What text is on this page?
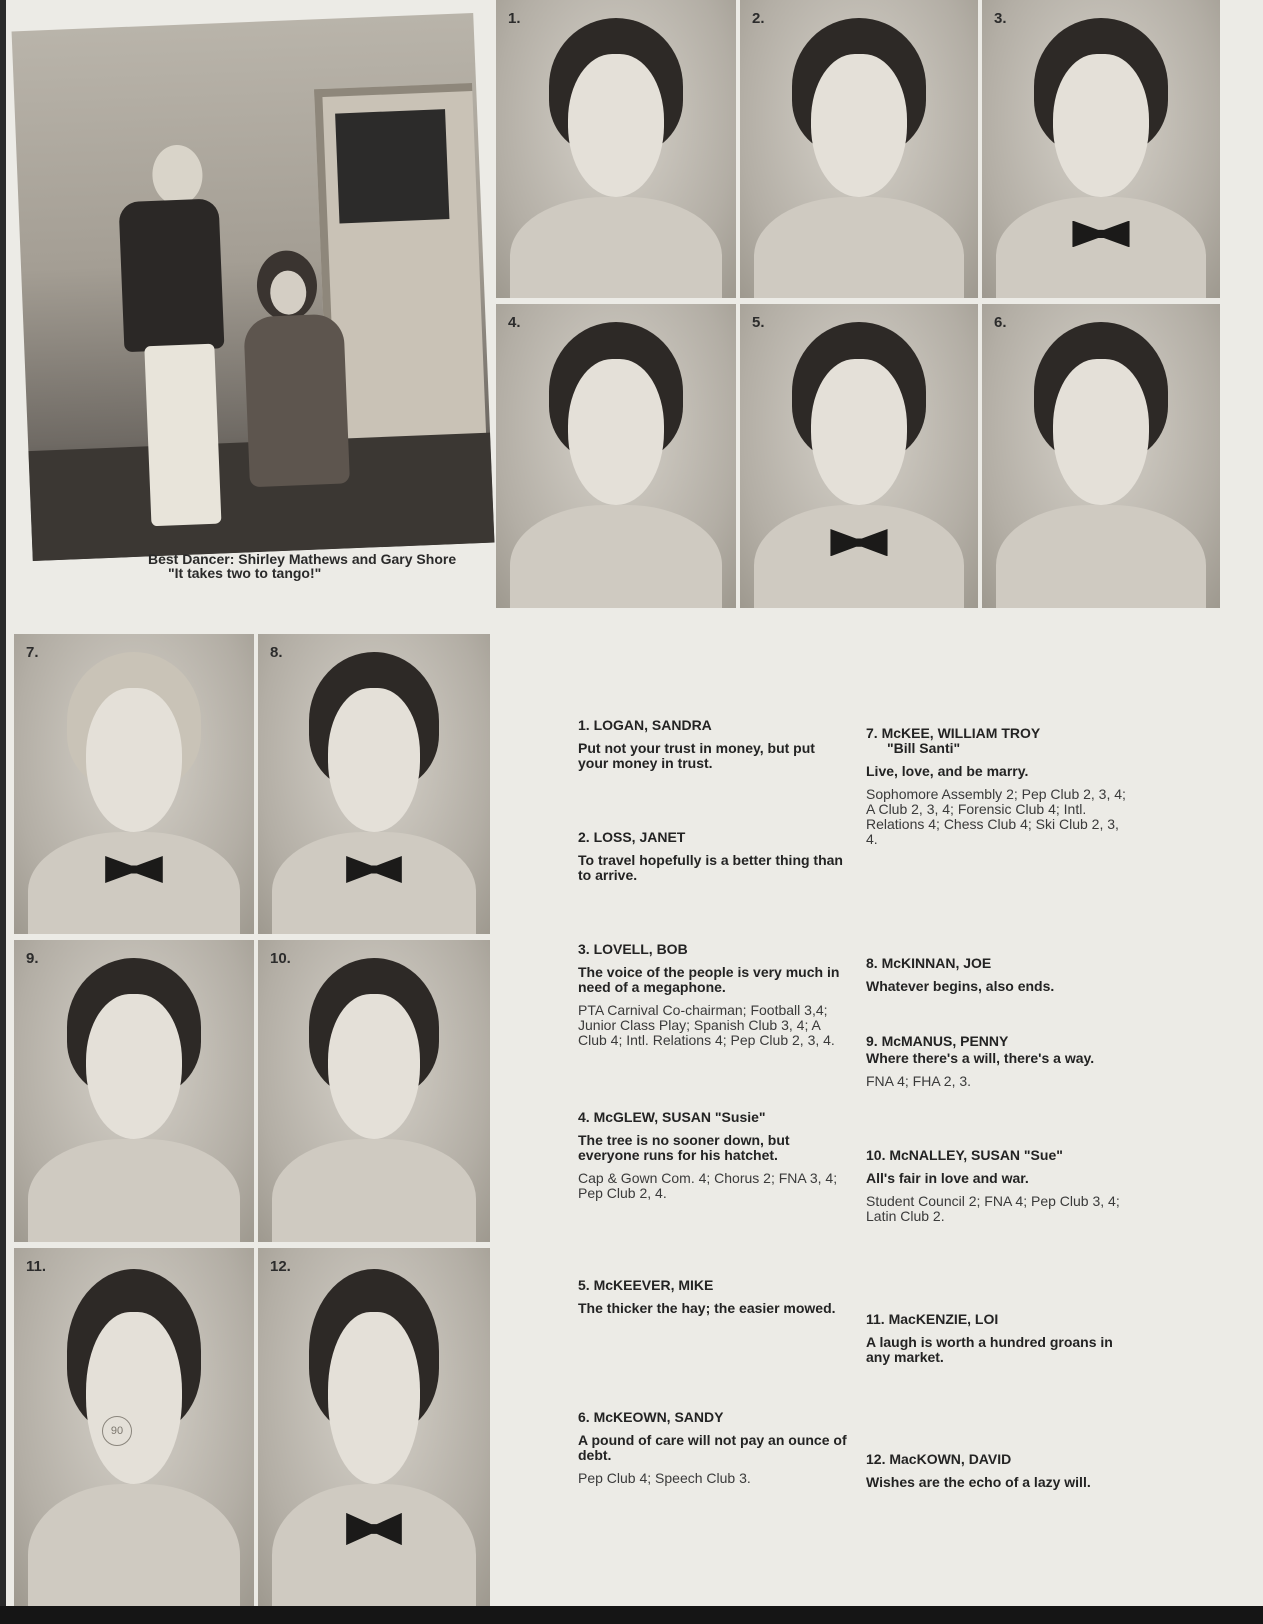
Best Dancer: Shirley Mathews and Gary Shore
"It takes two to tango!"
1.	2.	3.
4.	5.	6.
7.	8.
9.	10.
11.
90
12.
1. LOGAN, SANDRA
Put not your trust in money, but put your money in trust.
2. LOSS, JANET
To travel hopefully is a better thing than to arrive.
3. LOVELL, BOB
The voice of the people is very much in need of a megaphone.
PTA Carnival Co-chairman; Football 3,4; Junior Class Play; Spanish Club 3, 4; A Club 4; Intl. Relations 4; Pep Club 2, 3, 4.
4. McGLEW, SUSAN "Susie"
The tree is no sooner down, but everyone runs for his hatchet.
Cap & Gown Com. 4; Chorus 2; FNA 3, 4; Pep Club 2, 4.
5. McKEEVER, MIKE
The thicker the hay; the easier mowed.
6. McKEOWN, SANDY
A pound of care will not pay an ounce of debt.
Pep Club 4; Speech Club 3.
7. McKEE, WILLIAM TROY
"Bill Santi"
Live, love, and be marry.
Sophomore Assembly 2; Pep Club 2, 3, 4; A Club 2, 3, 4; Forensic Club 4; Intl. Relations 4; Chess Club 4; Ski Club 2, 3, 4.
8. McKINNAN, JOE
Whatever begins, also ends.
9. McMANUS, PENNY
Where there's a will, there's a way.
FNA 4; FHA 2, 3.
10. McNALLEY, SUSAN "Sue"
All's fair in love and war.
Student Council 2; FNA 4; Pep Club 3, 4; Latin Club 2.
11. MacKENZIE, LOI
A laugh is worth a hundred groans in any market.
12. MacKOWN, DAVID
Wishes are the echo of a lazy will.
